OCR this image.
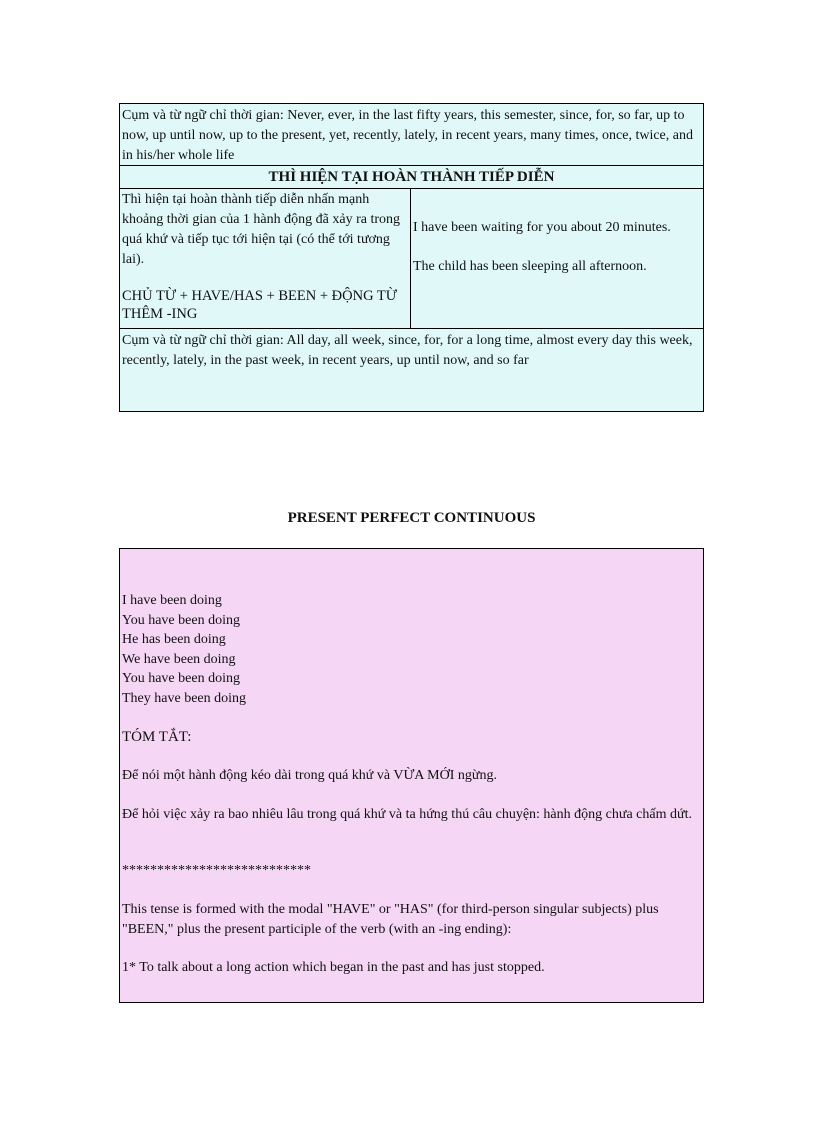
Cụm và từ ngữ chỉ thời gian: Never, ever, in the last fifty years, this semester, since, for, so far, up to now, up until now, up to the present, yet, recently, lately, in recent years, many times, once, twice, and in his/her whole life
THÌ HIỆN TẠI HOÀN THÀNH TIẾP DIỄN
Thì hiện tại hoàn thành tiếp diễn nhấn mạnh khoảng thời gian của 1 hành động đã xảy ra trong quá khứ và tiếp tục tới hiện tại (có thể tới tương lai).
CHỦ TỪ + HAVE/HAS + BEEN + ĐỘNG TỪ THÊM -ING
I have been waiting for you about 20 minutes.
The child has been sleeping all afternoon.
Cụm và từ ngữ chỉ thời gian: All day, all week, since, for, for a long time, almost every day this week, recently, lately, in the past week, in recent years, up until now, and so far
PRESENT PERFECT CONTINUOUS
I have been doing
You have been doing
He has been doing
We have been doing
You have been doing
They have been doing
TÓM TẮT:
Để nói một hành động kéo dài trong quá khứ và VỪA MỚI ngừng.
Để hỏi việc xảy ra bao nhiêu lâu trong quá khứ và ta hứng thú câu chuyện: hành động chưa chấm dứt.
***************************
This tense is formed with the modal "HAVE" or "HAS" (for third-person singular subjects) plus "BEEN," plus the present participle of the verb (with an -ing ending):
1* To talk about a long action which began in the past and has just stopped.
